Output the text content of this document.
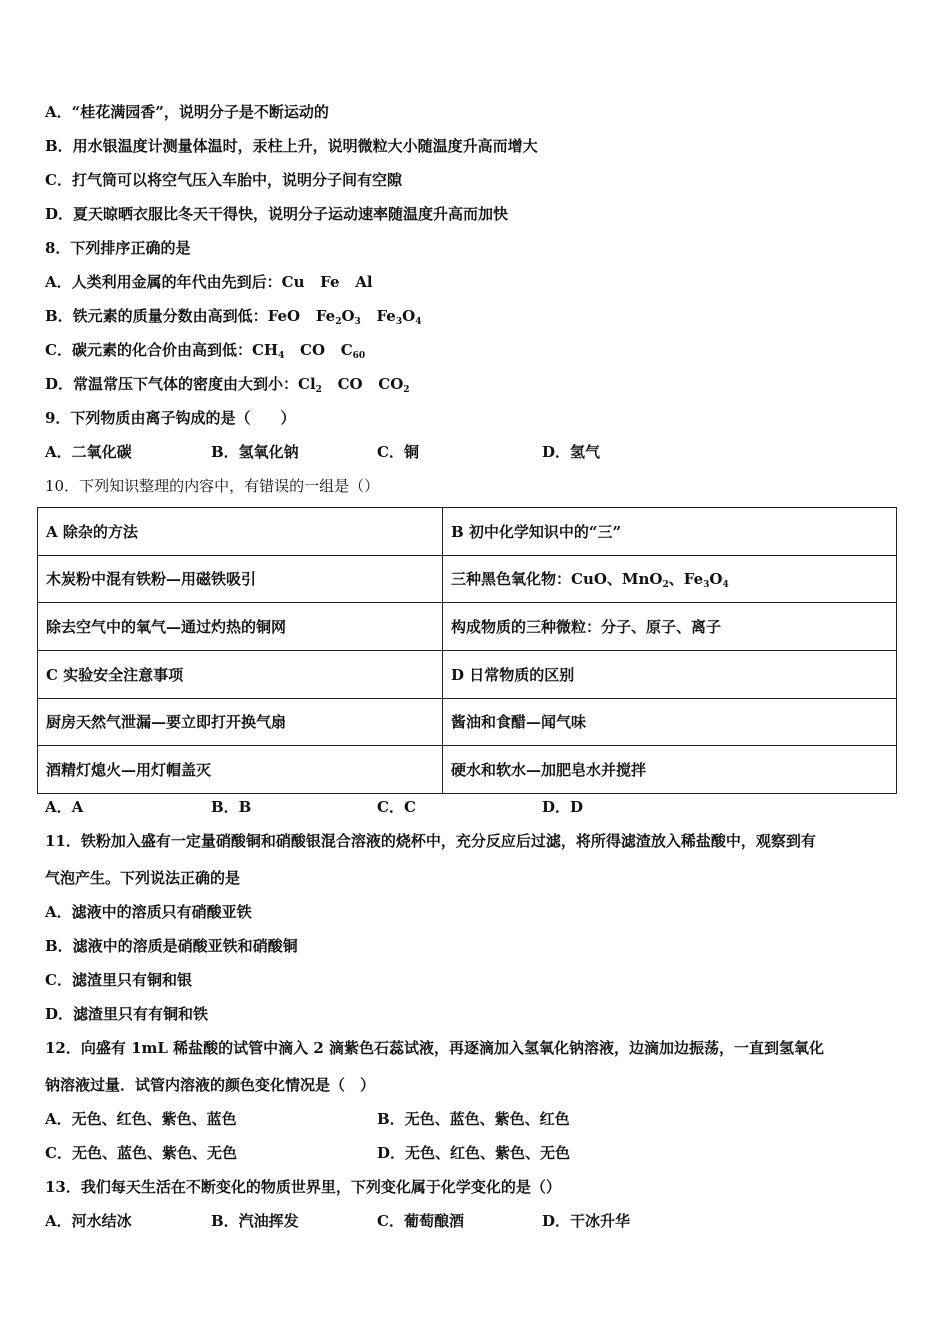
A．“桂花满园香”，说明分子是不断运动的
B．用水银温度计测量体温时，汞柱上升，说明微粒大小随温度升高而增大
C．打气筒可以将空气压入车胎中，说明分子间有空隙
D．夏天晾晒衣服比冬天干得快，说明分子运动速率随温度升高而加快
8．下列排序正确的是
A．人类利用金属的年代由先到后：Cu Fe Al
B．铁元素的质量分数由高到低：FeO $Fe_2O_3$ $Fe_3O_4$
C．碳元素的化合价由高到低：$CH_4$ CO $C_{60}$
D．常温常压下气体的密度由大到小：$Cl_2$ CO $CO_2$
9．下列物质由离子钩成的是（　　）
A．二氧化碳	B．氢氧化钠	C．铜	D．氢气
10．下列知识整理的内容中，有错误的一组是（）
A 除杂的方法	B 初中化学知识中的“三”
木炭粉中混有铁粉—用磁铁吸引	三种黑色氧化物：CuO、MnO$_2$、$Fe_3O_4$
除去空气中的氧气—通过灼热的铜网	构成物质的三种微粒：分子、原子、离子
C 实验安全注意事项	D 日常物质的区别
厨房天然气泄漏—要立即打开换气扇	酱油和食醋—闻气味
酒精灯熄火—用灯帽盖灭	硬水和软水—加肥皂水并搅拌
A．A	B．B	C．C	D．D
11．铁粉加入盛有一定量硝酸铜和硝酸银混合溶液的烧杯中，充分反应后过滤，将所得滤渣放入稀盐酸中，观察到有
气泡产生。下列说法正确的是
A．滤液中的溶质只有硝酸亚铁
B．滤液中的溶质是硝酸亚铁和硝酸铜
C．滤渣里只有铜和银
D．滤渣里只有有铜和铁
12．向盛有 1mL 稀盐酸的试管中滴入 2 滴紫色石蕊试液，再逐滴加入氢氧化钠溶液，边滴加边振荡，一直到氢氧化
钠溶液过量．试管内溶液的颜色变化情况是（　）
A．无色、红色、紫色、蓝色	B．无色、蓝色、紫色、红色
C．无色、蓝色、紫色、无色	D．无色、红色、紫色、无色
13．我们每天生活在不断变化的物质世界里，下列变化属于化学变化的是（）
A．河水结冰	B．汽油挥发	C．葡萄酿酒	D．干冰升华
